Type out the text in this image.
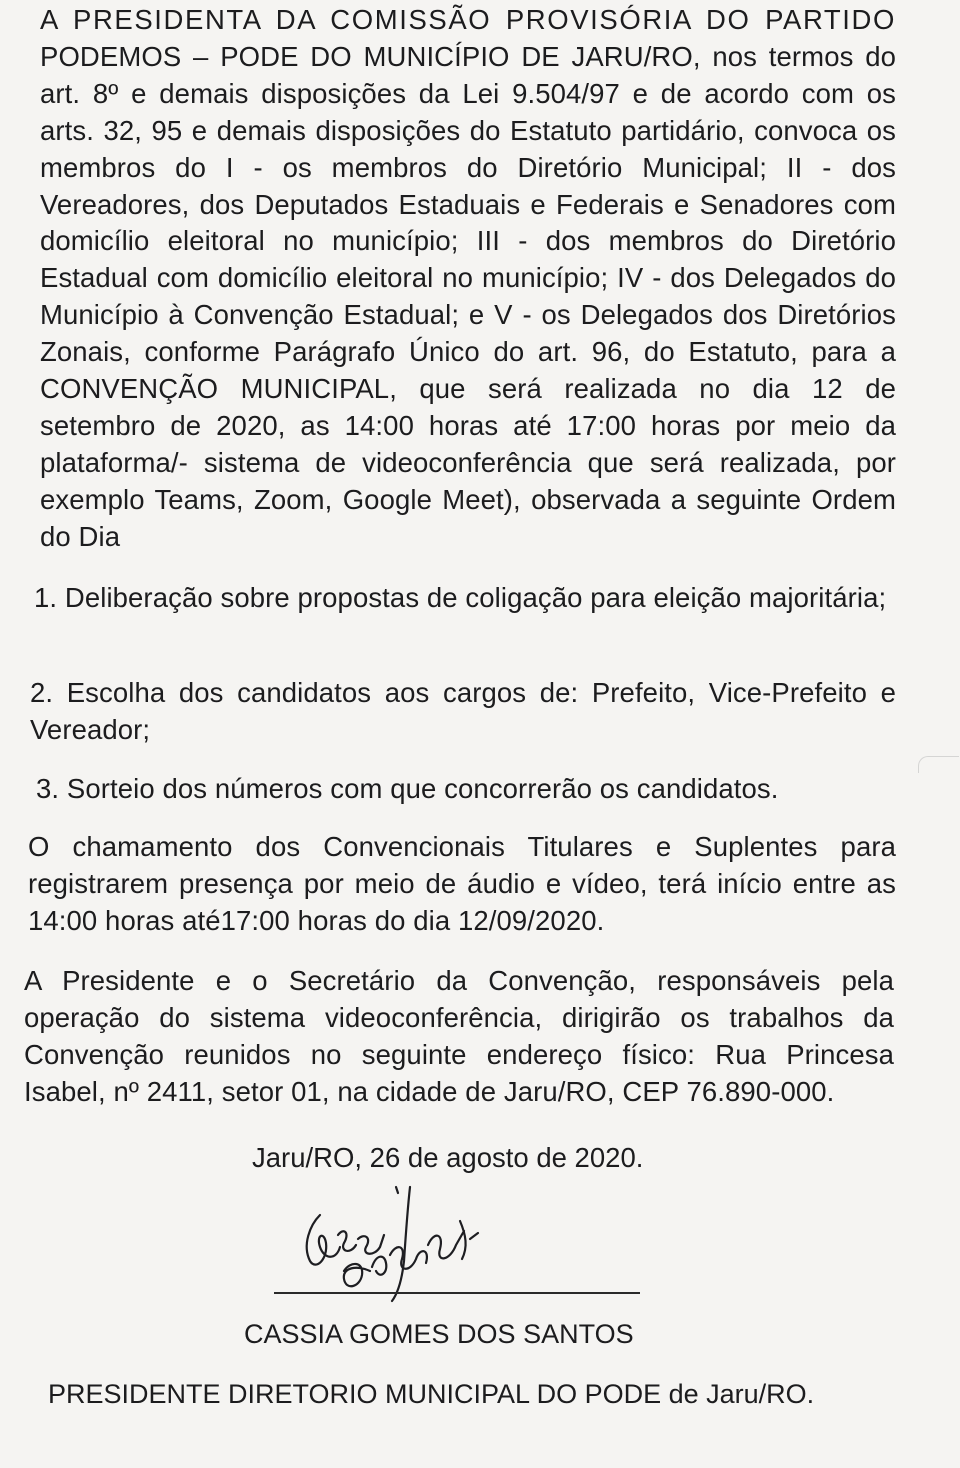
A PRESIDENTA DA COMISSÃO PROVISÓRIA DO PARTIDO PODEMOS – PODE DO MUNICÍPIO DE JARU/RO, nos termos do art. 8º e demais disposições da Lei 9.504/97 e de acordo com os arts. 32, 95 e demais disposições do Estatuto partidário, convoca os membros do I - os membros do Diretório Municipal; II - dos Vereadores, dos Deputados Estaduais e Federais e Senadores com domicílio eleitoral no município; III - dos membros do Diretório Estadual com domicílio eleitoral no município; IV - dos Delegados do Município à Convenção Estadual; e V - os Delegados dos Diretórios Zonais, conforme Parágrafo Único do art. 96, do Estatuto, para a CONVENÇÃO MUNICIPAL, que será realizada no dia 12 de setembro de 2020, as 14:00 horas até 17:00 horas por meio da plataforma/- sistema de videoconferência que será realizada, por exemplo Teams, Zoom, Google Meet), observada a seguinte Ordem do Dia
1. Deliberação sobre propostas de coligação para eleição majoritária;
2. Escolha dos candidatos aos cargos de: Prefeito, Vice-Prefeito e Vereador;
3. Sorteio dos números com que concorrerão os candidatos.
O chamamento dos Convencionais Titulares e Suplentes para registrarem presença por meio de áudio e vídeo, terá início entre as 14:00 horas até17:00 horas do dia 12/09/2020.
A Presidente e o Secretário da Convenção, responsáveis pela operação do sistema videoconferência, dirigirão os trabalhos da Convenção reunidos no seguinte endereço físico: Rua Princesa Isabel, nº 2411, setor 01, na cidade de Jaru/RO, CEP 76.890-000.
Jaru/RO, 26 de agosto de 2020.
CASSIA GOMES DOS SANTOS
PRESIDENTE DIRETORIO MUNICIPAL DO PODE de Jaru/RO.
